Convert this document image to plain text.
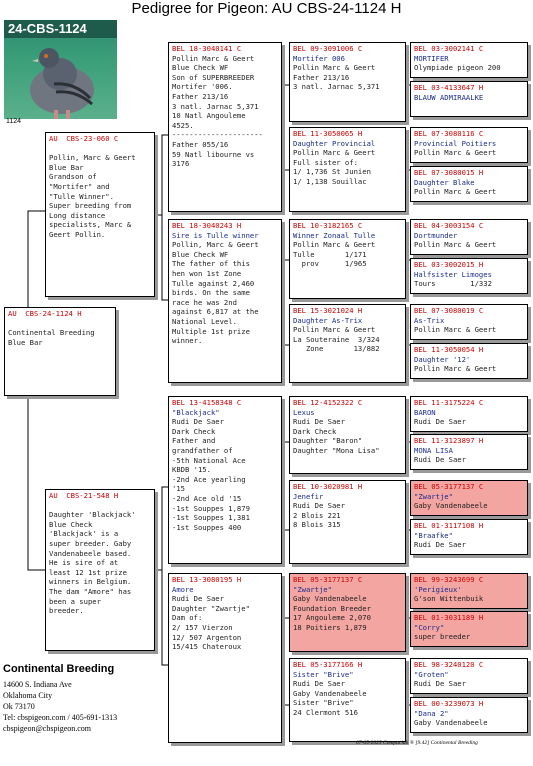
Pedigree for Pigeon: AU CBS-24-1124 H
24-CBS-1124
1124
AU  CBS-24-1124 H

Continental Breeding
Blue Bar
AU  CBS-23-060 C

Pollin, Marc & Geert
Blue Bar
Grandson of
"Mortifer" and
"Tulle Winner".
Super breeding from
Long distance
specialists, Marc &
Geert Pollin.
AU  CBS-21-548 H

Daughter 'Blackjack'
Blue Check
'Blackjack' is a
super breeder. Gaby
Vandenabeele based.
He is sire of at
least 12 1st prize
winners in Belgium.
The dam "Amore" has
been a super
breeder.
BEL 18-3040141 C
Pollin Marc & Geert
Blue Check WF
Son of SUPERBREEDER
Mortifer '006.
Father 213/16
3 natl. Jarnac 5,371
10 Natl Angouleme
4525.
---------------------
Father 055/16
59 Natl libourne vs
3176
BEL 18-3040243 H
Sire is Tulle winner
Pollin, Marc & Geert
Blue Check WF
The father of this
hen won 1st Zone
Tulle against 2,460
birds. On the same
race he was 2nd
against 6,817 at the
National Level.
Multiple 1st prize
winner.
BEL 13-4158348 C
"Blackjack"
Rudi De Saer
Dark Check
Father and
grandfather of
-5th National Ace
KBDB '15.
-2nd Ace yearling
'15
-2nd Ace old '15
-1st Souppes 1,879
-1st Souppes 1,381
-1st Souppes 400
BEL 13-3080195 H
Amore
Rudi De Saer
Daughter "Zwartje"
Dam of:
2/ 157 Vierzon
12/ 507 Argenton
15/415 Chateroux
BEL 09-3091006 C
Mortifer 006
Pollin Marc & Geert
Father 213/16
3 natl. Jarnac 5,371
BEL 11-3050065 H
Daughter Provincial
Pollin Marc & Geert
Full sister of:
1/ 1,736 St Junien
1/ 1,138 Souillac
BEL 10-3182165 C
Winner Zonaal Tulle
Pollin Marc & Geert
Tulle       1/171
prov      1/965
BEL 15-3021024 H
Daughter As-Trix
Pollin Marc & Geert
La Souteraine  3/324
Zone       13/882
BEL 12-4152322 C
Lexus
Rudi De Saer
Dark Check
Daughter "Baron"
Daughter "Mona Lisa"
BEL 10-3020981 H
Jenefir
Rudi De Saer
2 Blois 221
8 Blois 315
BEL 05-3177137 C
"Zwartje"
Gaby Vandenabeele
Foundation Breeder
17 Angouleme 2,070
18 Poitiers 1,879
BEL 05-3177166 H
Sister "Brive"
Rudi De Saer
Gaby Vandenabeele
Sister "Brive"
24 Clermont 516
BEL 03-3002141 C
MORTIFER
Olympiade pigeon 200
BEL 03-4133647 H
BLAUW ADMIRAALKE
BEL 07-3080116 C
Provincial Poitiers
Pollin Marc & Geert
BEL 07-3080015 H
Daughter Blake
Pollin Marc & Geert
BEL 04-3003154 C
Dortmunder
Pollin Marc & Geert
BEL 03-3002015 H
Halfsister Limoges
Tours        1/332
BEL 07-3080019 C
As-Trix
Pollin Marc & Geert
BEL 11-3050054 H
Daughter '12'
Pollin Marc & Geert
BEL 11-3175224 C
BARON
Rudi De Saer
BEL 11-3123897 H
MONA LISA
Rudi De Saer
BEL 05-3177137 C
"Zwartje"
Gaby Vandenabeele
BEL 01-3117108 H
"Braafke"
Rudi De Saer
BEL 99-3243699 C
'Perigieux'
G'son Wittenbuik
BEL 01-3031189 H
"Corry"
super breeder
BEL 98-3240120 C
"Groten"
Rudi De Saer
BEL 00-3239073 H
"Dana 2"
Gaby Vandenabeele
Continental Breeding
14600 S. Indiana Ave
Oklahoma City
Ok 73170
Tel: cbspigeon.com / 405-691-1313
cbspigeon@cbspigeon.com
07-05-2025 Compuclub ® [9.42] Continental Breeding
